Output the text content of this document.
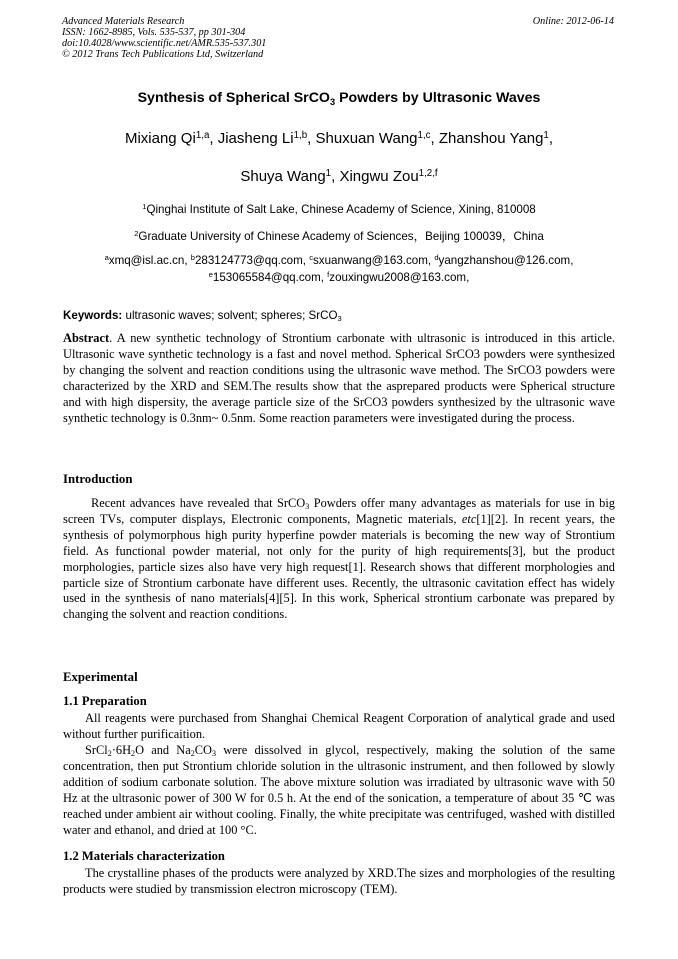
Advanced Materials Research
ISSN: 1662-8985, Vols. 535-537, pp 301-304
doi:10.4028/www.scientific.net/AMR.535-537.301
© 2012 Trans Tech Publications Ltd, Switzerland
Online: 2012-06-14
Synthesis of Spherical SrCO$_3$ Powders by Ultrasonic Waves
Mixiang Qi$^{1,a}$, Jiasheng Li$^{1,b}$, Shuxuan Wang$^{1,c}$, Zhanshou Yang$^1$,
Shuya Wang$^1$, Xingwu Zou$^{1,2,f}$
$^1$Qinghai Institute of Salt Lake, Chinese Academy of Science, Xining, 810008
$^2$Graduate University of Chinese Academy of Sciences，Beijing 100039，China
$^a$xmq@isl.ac.cn, $^b$283124773@qq.com, $^c$sxuanwang@163.com, $^d$yangzhanshou@126.com,
$^e$153065584@qq.com, $^f$zouxingwu2008@163.com,
Keywords: ultrasonic waves; solvent; spheres; SrCO$_3$
Abstract. A new synthetic technology of Strontium carbonate with ultrasonic is introduced in this article. Ultrasonic wave synthetic technology is a fast and novel method. Spherical SrCO3 powders were synthesized by changing the solvent and reaction conditions using the ultrasonic wave method. The SrCO3 powders were characterized by the XRD and SEM.The results show that the asprepared products were Spherical structure and with high dispersity, the average particle size of the SrCO3 powders synthesized by the ultrasonic wave synthetic technology is 0.3nm~ 0.5nm. Some reaction parameters were investigated during the process.
Introduction
Recent advances have revealed that SrCO$_3$ Powders offer many advantages as materials for use in big screen TVs, computer displays, Electronic components, Magnetic materials, etc[1][2]. In recent years, the synthesis of polymorphous high purity hyperfine powder materials is becoming the new way of Strontium field. As functional powder material, not only for the purity of high requirements[3], but the product morphologies, particle sizes also have very high request[1]. Research shows that different morphologies and particle size of Strontium carbonate have different uses. Recently, the ultrasonic cavitation effect has widely used in the synthesis of nano materials[4][5]. In this work, Spherical strontium carbonate was prepared by changing the solvent and reaction conditions.
Experimental
1.1 Preparation
All reagents were purchased from Shanghai Chemical Reagent Corporation of analytical grade and used without further purificaition.
$SrCl_2\cdot 6H_2O$ and $Na_2CO_3$ were dissolved in glycol, respectively, making the solution of the same concentration, then put Strontium chloride solution in the ultrasonic instrument, and then followed by slowly addition of sodium carbonate solution. The above mixture solution was irradiated by ultrasonic wave with 50 Hz at the ultrasonic power of 300 W for 0.5 h. At the end of the sonication, a temperature of about 35 ℃ was reached under ambient air without cooling. Finally, the white precipitate was centrifuged, washed with distilled water and ethanol, and dried at 100 °C.
1.2 Materials characterization
The crystalline phases of the products were analyzed by XRD.The sizes and morphologies of the resulting products were studied by transmission electron microscopy (TEM).
